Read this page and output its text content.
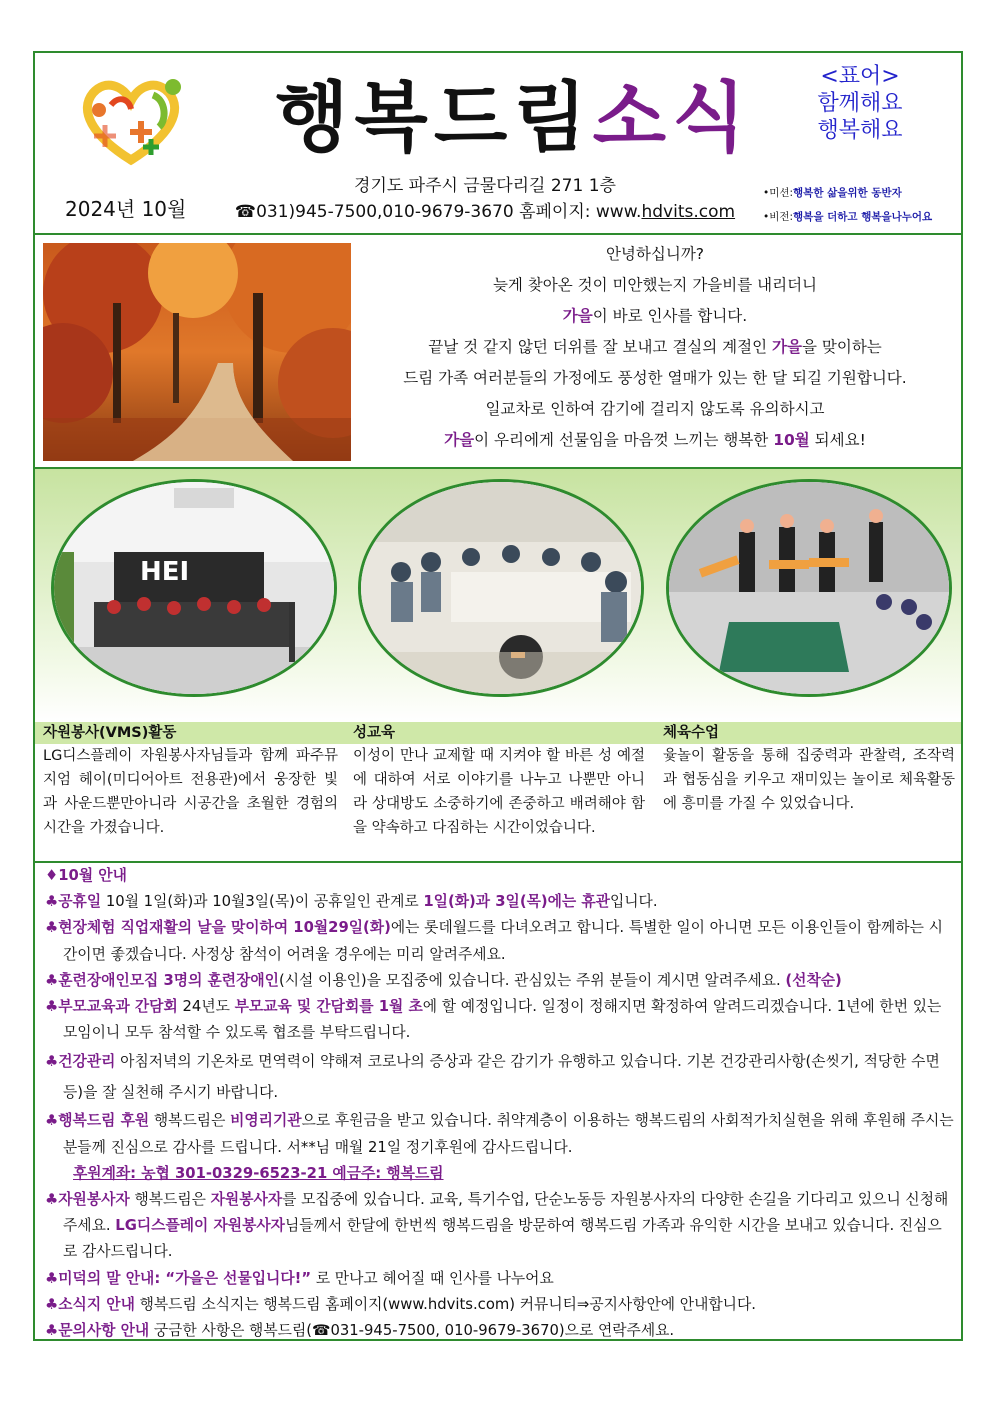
행복드림소식	<표어>
함께해요
행복해요
2024년 10월
경기도 파주시 금물다리길 271 1층
☎031)945-7500,010-9679-3670 홈페이지: www.hdvits.com
•미션:행복한 삶을위한 동반자
•비전:행복을 더하고 행복을나누어요
안녕하십니까?
늦게 찾아온 것이 미안했는지 가을비를 내리더니
가을이 바로 인사를 합니다.
끝날 것 같지 않던 더위를 잘 보내고 결실의 계절인 가을을 맞이하는
드림 가족 여러분들의 가정에도 풍성한 열매가 있는 한 달 되길 기원합니다.
일교차로 인하여 감기에 걸리지 않도록 유의하시고
가을이 우리에게 선물임을 마음껏 느끼는 행복한 10월 되세요!
HEI
자원봉사(VMS)활동
LG디스플레이 자원봉사자님들과 함께 파주뮤지엄 헤이(미디어아트 전용관)에서 웅장한 빛과 사운드뿐만아니라 시공간을 초월한 경험의 시간을 가졌습니다.
성교육
이성이 만나 교제할 때 지켜야 할 바른 성 예절에 대하여 서로 이야기를 나누고 나뿐만 아니라 상대방도 소중하기에 존중하고 배려해야 함을 약속하고 다짐하는 시간이었습니다.
체육수업
윷놀이 활동을 통해 집중력과 관찰력, 조작력과 협동심을 키우고 재미있는 놀이로 체육활동에 흥미를 가질 수 있었습니다.

♦10월 안내

♣공휴일 10월 1일(화)과 10월3일(목)이 공휴일인 관계로 1일(화)과 3일(목)에는 휴관입니다.

♣현장체험 직업재활의 날을 맞이하여 10월29일(화)에는 롯데월드를 다녀오려고 합니다. 특별한 일이 아니면 모든 이용인들이 함께하는 시간이면 좋겠습니다. 사정상 참석이 어려울 경우에는 미리 알려주세요.

♣훈련장애인모집 3명의 훈련장애인(시설 이용인)을 모집중에 있습니다. 관심있는 주위 분들이 계시면 알려주세요. (선착순)

♣부모교육과 간담회 24년도 부모교육 및 간담회를 1월 초에 할 예정입니다. 일정이 정해지면 확정하여 알려드리겠습니다. 1년에 한번 있는 모임이니 모두 참석할 수 있도록 협조를 부탁드립니다.

♣건강관리 아침저녁의 기온차로 면역력이 약해져 코로나의 증상과 같은 감기가 유행하고 있습니다. 기본 건강관리사항(손씻기, 적당한 수면등)을 잘 실천해 주시기 바랍니다.

♣행복드림 후원 행복드림은 비영리기관으로 후원금을 받고 있습니다. 취약계층이 이용하는 행복드림의 사회적가치실현을 위해 후원해 주시는 분들께 진심으로 감사를 드립니다. 서**님 매월 21일 정기후원에 감사드립니다.

후원계좌: 농협 301-0329-6523-21 예금주: 행복드림

♣자원봉사자 행복드림은 자원봉사자를 모집중에 있습니다. 교육, 특기수업, 단순노동등 자원봉사자의 다양한 손길을 기다리고 있으니 신청해 주세요. LG디스플레이 자원봉사자님들께서 한달에 한번씩 행복드림을 방문하여 행복드림 가족과 유익한 시간을 보내고 있습니다. 진심으로 감사드립니다.

♣미덕의 말 안내: “가을은 선물입니다!” 로 만나고 헤어질 때 인사를 나누어요

♣소식지 안내 행복드림 소식지는 행복드림 홈페이지(www.hdvits.com) 커뮤니티⇒공지사항안에 안내합니다.

♣문의사항 안내 궁금한 사항은 행복드림(☎031-945-7500, 010-9679-3670)으로 연락주세요.
